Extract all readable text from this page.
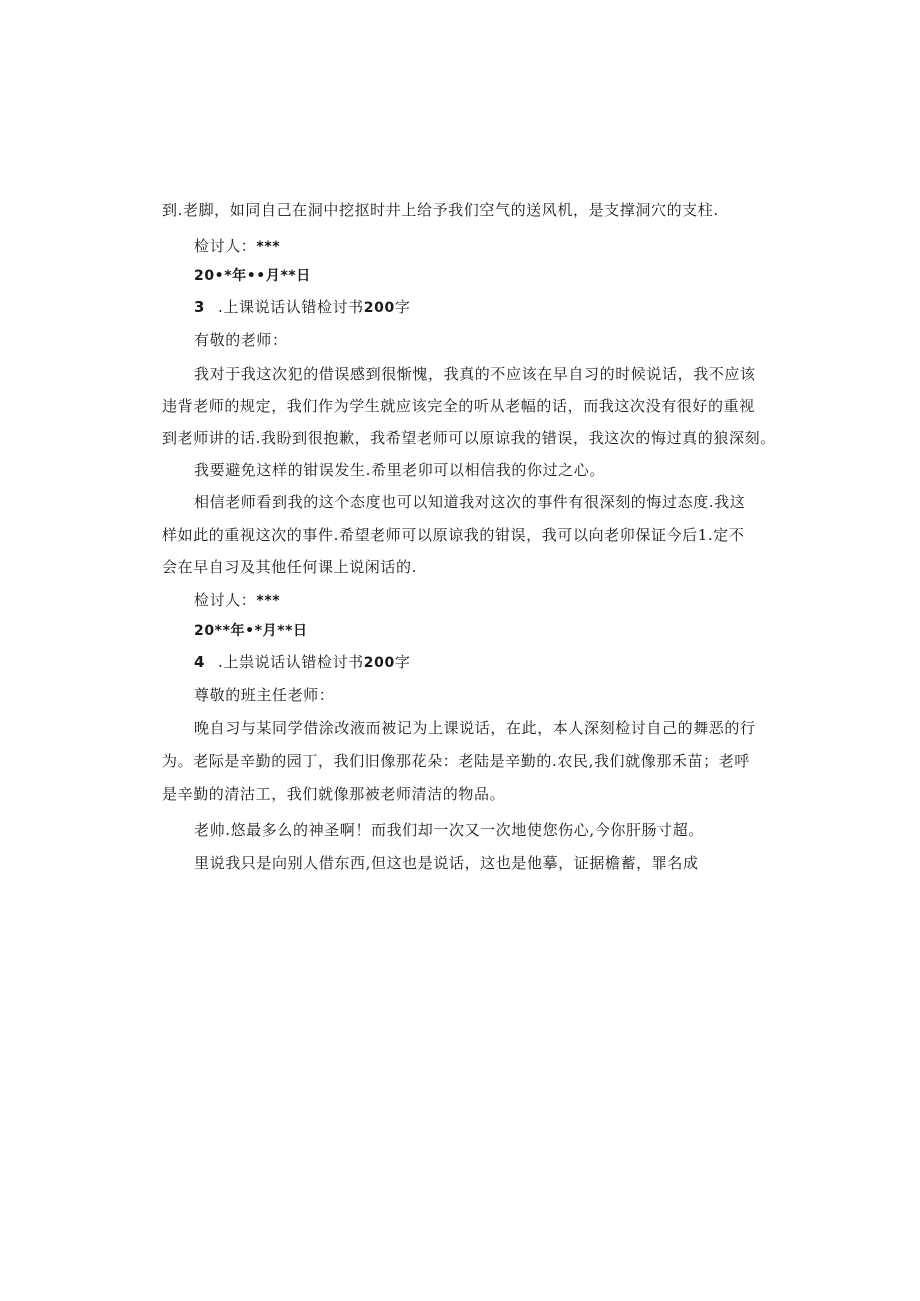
到.老脚，如同自己在洞中挖抠时井上给予我们空气的送风机，是支撑洞穴的支柱.
检讨人：***
20•*年••月**日
3 .上课说话认错检讨书200字
有敬的老师：
我对于我这次犯的借误感到很惭愧，我真的不应该在早自习的时候说话，我不应该
违背老师的规定，我们作为学生就应该完全的听从老幅的话，而我这次没有很好的重视
到老师讲的话.我盼到很抱歉，我希望老师可以原谅我的错误，我这次的悔过真的狼深刻。
我要避免这样的钳误发生.希里老卯可以相信我的你过之心。
相信老师看到我的这个态度也可以知道我对这次的事件有很深刻的悔过态度.我这
样如此的重视这次的事件.希望老师可以原谅我的钳误，我可以向老卯保证今后1.定不
会在早自习及其他任何课上说闲话的.
检讨人：***
20**年•*月**日
4 .上祟说话认错检讨书200字
尊敬的班主任老师：
晚自习与某同学借涂改液而被记为上课说话，在此，本人深刻检讨自己的舞恶的行
为。老际是辛勤的园丁，我们旧像那花朵：老陆是辛勤的.农民,我们就像那禾苗；老呼
是辛勤的清沽工，我们就像那被老师清洁的物品。
老帅.悠最多么的神圣啊！而我们却一次又一次地使您伤心,今你肝肠寸超。
里说我只是向别人借东西,但这也是说话，这也是他摹，证据檐蓄，罪名成
